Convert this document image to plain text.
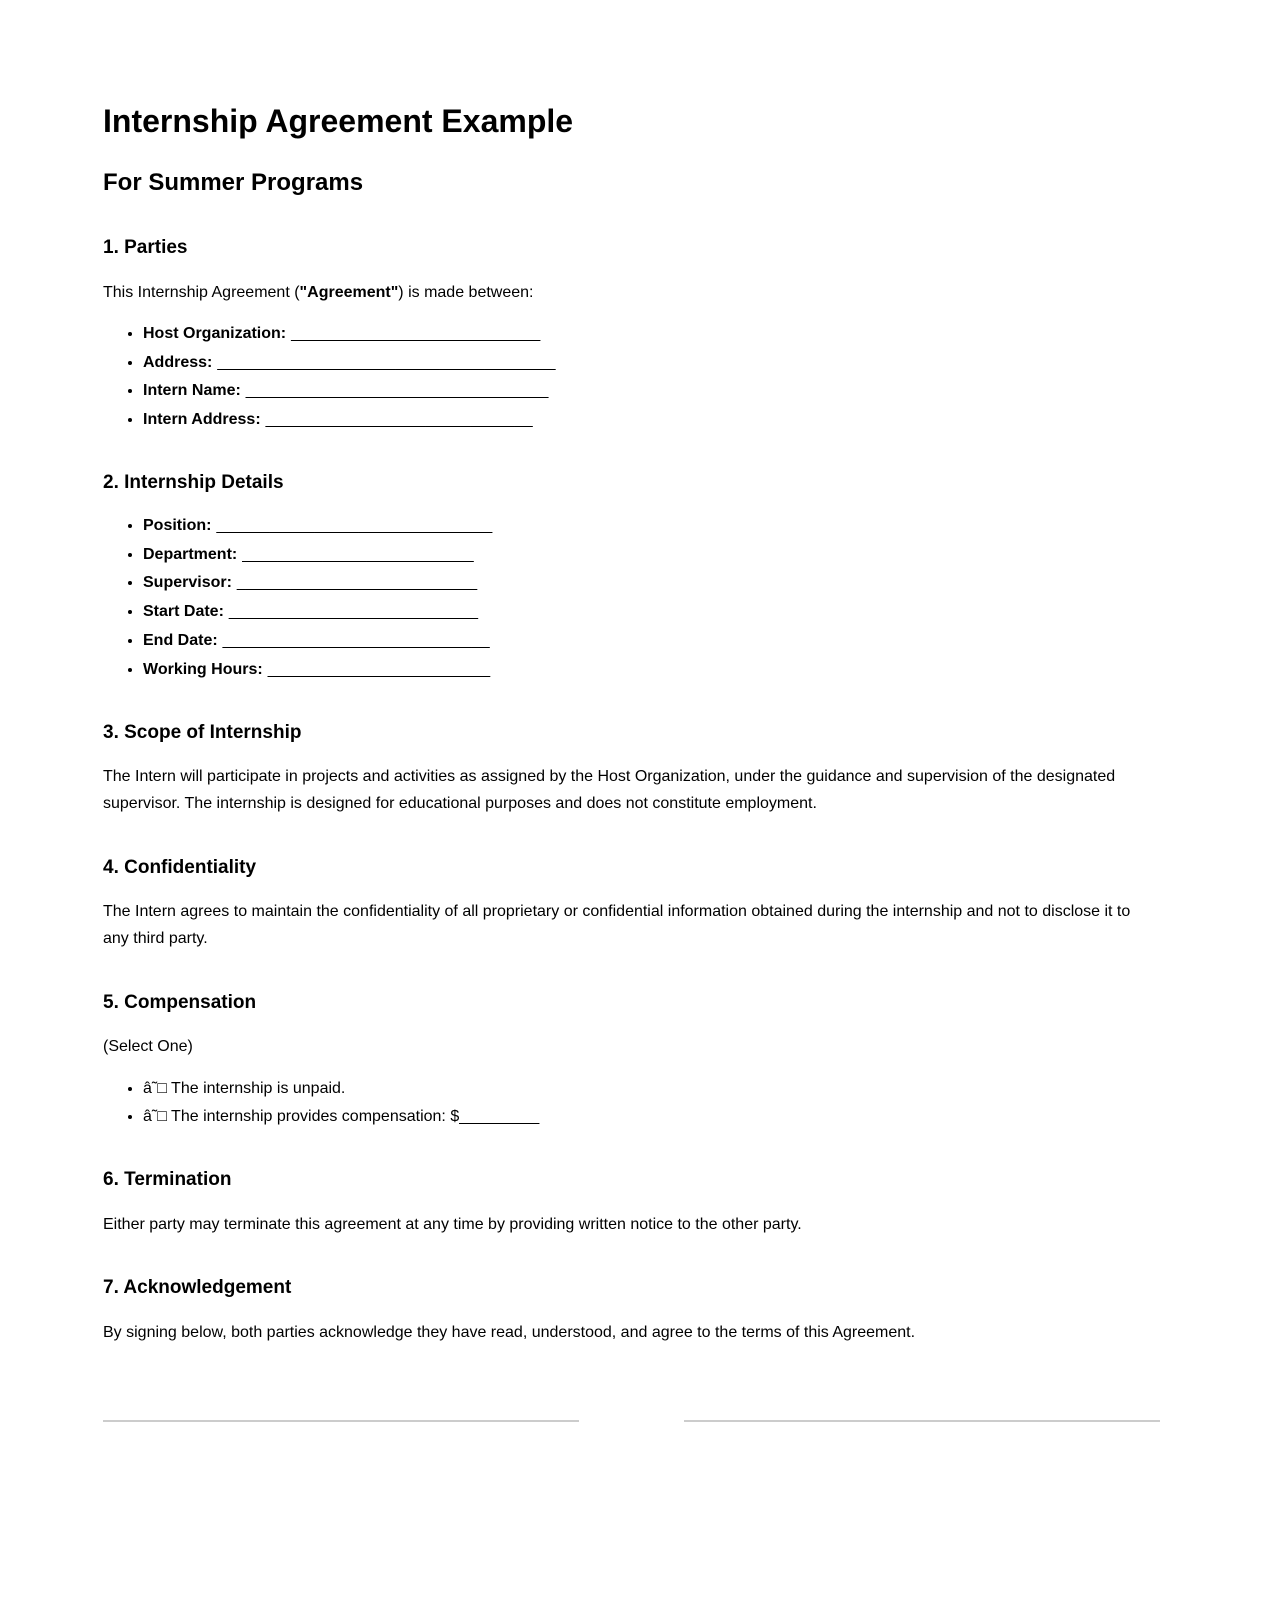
Internship Agreement Example
For Summer Programs
1. Parties

This Internship Agreement ("Agreement") is made between:

• Host Organization: ____________________________
• Address: ______________________________________
• Intern Name: __________________________________
• Intern Address: ______________________________
2. Internship Details
• Position: _______________________________
• Department: __________________________
• Supervisor: ___________________________
• Start Date: ____________________________
• End Date: ______________________________
• Working Hours: _________________________
3. Scope of Internship

The Intern will participate in projects and activities as assigned by the Host Organization, under the guidance and supervision of the designated supervisor. The internship is designed for educational purposes and does not constitute employment.

4. Confidentiality

The Intern agrees to maintain the confidentiality of all proprietary or confidential information obtained during the internship and not to disclose it to any third party.

5. Compensation

(Select One)

• â˜□ The internship is unpaid.
• â˜□ The internship provides compensation: $_________
6. Termination

Either party may terminate this agreement at any time by providing written notice to the other party.

7. Acknowledgement

By signing below, both parties acknowledge they have read, understood, and agree to the terms of this Agreement.
